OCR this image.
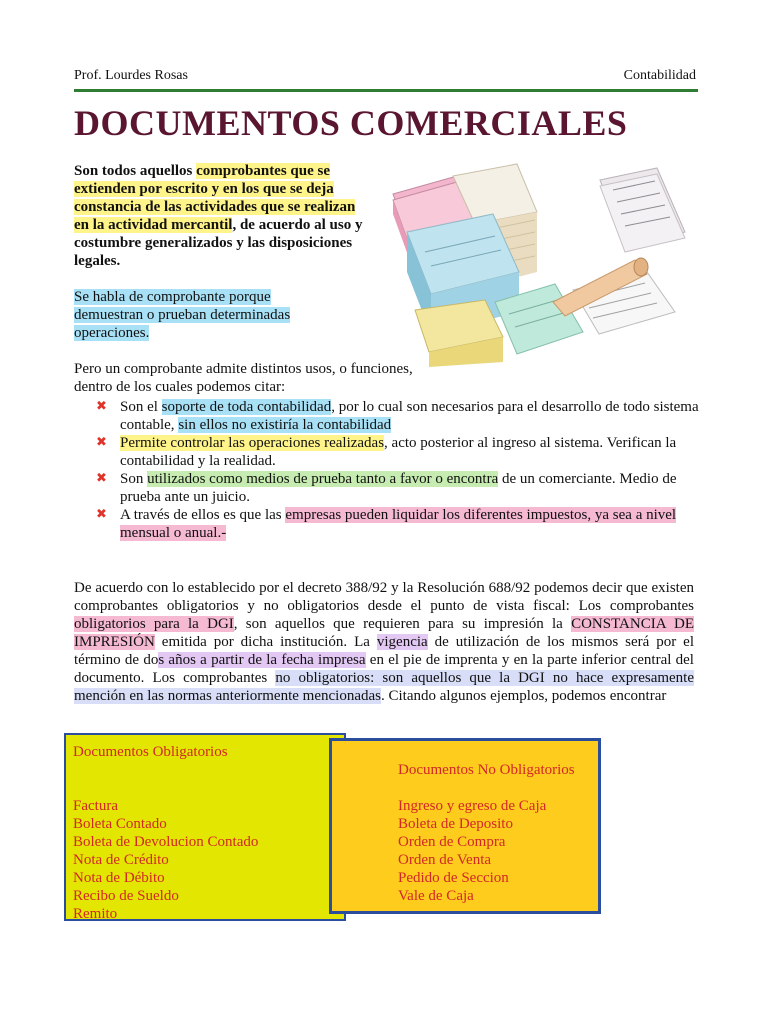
Prof. Lourdes Rosas	Contabilidad
DOCUMENTOS COMERCIALES
Son todos aquellos comprobantes que se extienden por escrito y en los que se deja constancia de las actividades que se realizan en la actividad mercantil, de acuerdo al uso y costumbre generalizados y las disposiciones legales.
Se habla de comprobante porque demuestran o prueban determinadas operaciones.
Pero un comprobante admite distintos usos, o funciones, dentro de los cuales podemos citar:
✖ Son el soporte de toda contabilidad, por lo cual son necesarios para el desarrollo de todo sistema contable, sin ellos no existiría la contabilidad
✖ Permite controlar las operaciones realizadas, acto posterior al ingreso al sistema. Verifican la contabilidad y la realidad.
✖ Son utilizados como medios de prueba tanto a favor o encontra de un comerciante. Medio de prueba ante un juicio.
✖ A través de ellos es que las empresas pueden liquidar los diferentes impuestos, ya sea a nivel mensual o anual.-
De acuerdo con lo establecido por el decreto 388/92 y la Resolución 688/92 podemos decir que existen comprobantes obligatorios y no obligatorios desde el punto de vista fiscal: Los comprobantes obligatorios para la DGI, son aquellos que requieren para su impresión la CONSTANCIA DE IMPRESIÓN emitida por dicha institución. La vigencia de utilización de los mismos será por el término de dos años a partir de la fecha impresa en el pie de imprenta y en la parte inferior central del documento. Los comprobantes no obligatorios: son aquellos que la DGI no hace expresamente mención en las normas anteriormente mencionadas. Citando algunos ejemplos, podemos encontrar
Documentos Obligatorios
Factura
Boleta Contado
Boleta de Devolucion Contado
Nota de Crédito
Nota de Débito
Recibo de Sueldo
Remito
Documentos No Obligatorios
Ingreso y egreso de Caja
Boleta de Deposito
Orden de Compra
Orden de Venta
Pedido de Seccion
Vale de Caja
